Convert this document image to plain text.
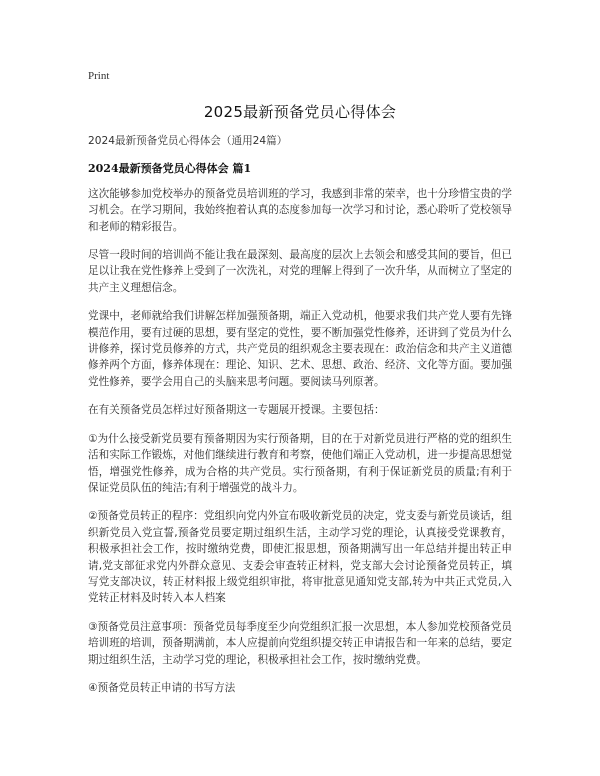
Print
2025最新预备党员心得体会

2024最新预备党员心得体会（通用24篇）

2024最新预备党员心得体会 篇1

这次能够参加党校举办的预备党员培训班的学习，我感到非常的荣幸，也十分珍惜宝贵的学习机会。在学习期间，我始终抱着认真的态度参加每一次学习和讨论，悉心聆听了党校领导和老师的精彩报告。

尽管一段时间的培训尚不能让我在最深刻、最高度的层次上去领会和感受其间的要旨，但已足以让我在党性修养上受到了一次洗礼，对党的理解上得到了一次升华，从而树立了坚定的共产主义理想信念。

党课中，老师就给我们讲解怎样加强预备期，端正入党动机，他要求我们共产党人要有先锋模范作用，要有过硬的思想，要有坚定的党性，要不断加强党性修养，还讲到了党员为什么讲修养，探讨党员修养的方式，共产党员的组织观念主要表现在：政治信念和共产主义道德修养两个方面，修养体现在：理论、知识、艺术、思想、政治、经济、文化等方面。要加强党性修养，要学会用自己的头脑来思考问题。要阅读马列原著。

在有关预备党员怎样过好预备期这一专题展开授课。主要包括：

①为什么接受新党员要有预备期因为实行预备期，目的在于对新党员进行严格的党的组织生活和实际工作锻炼，对他们继续进行教育和考察，使他们端正入党动机，进一步提高思想觉悟，增强党性修养，成为合格的共产党员。实行预备期，有利于保证新党员的质量;有利于保证党员队伍的纯洁;有利于增强党的战斗力。

②预备党员转正的程序：党组织向党内外宣布吸收新党员的决定，党支委与新党员谈话，组织新党员入党宣誓,预备党员要定期过组织生活，主动学习党的理论，认真接受党课教育，积极承担社会工作，按时缴纳党费，即使汇报思想，预备期满写出一年总结并提出转正申请,党支部征求党内外群众意见、支委会审查转正材料，党支部大会讨论预备党员转正，填写党支部决议，转正材料报上级党组织审批，将审批意见通知党支部,转为中共正式党员,入党转正材料及时转入本人档案

③预备党员注意事项：预备党员每季度至少向党组织汇报一次思想，本人参加党校预备党员培训班的培训，预备期满前，本人应提前向党组织提交转正申请报告和一年来的总结，要定期过组织生活，主动学习党的理论，积极承担社会工作，按时缴纳党费。

④预备党员转正申请的书写方法
